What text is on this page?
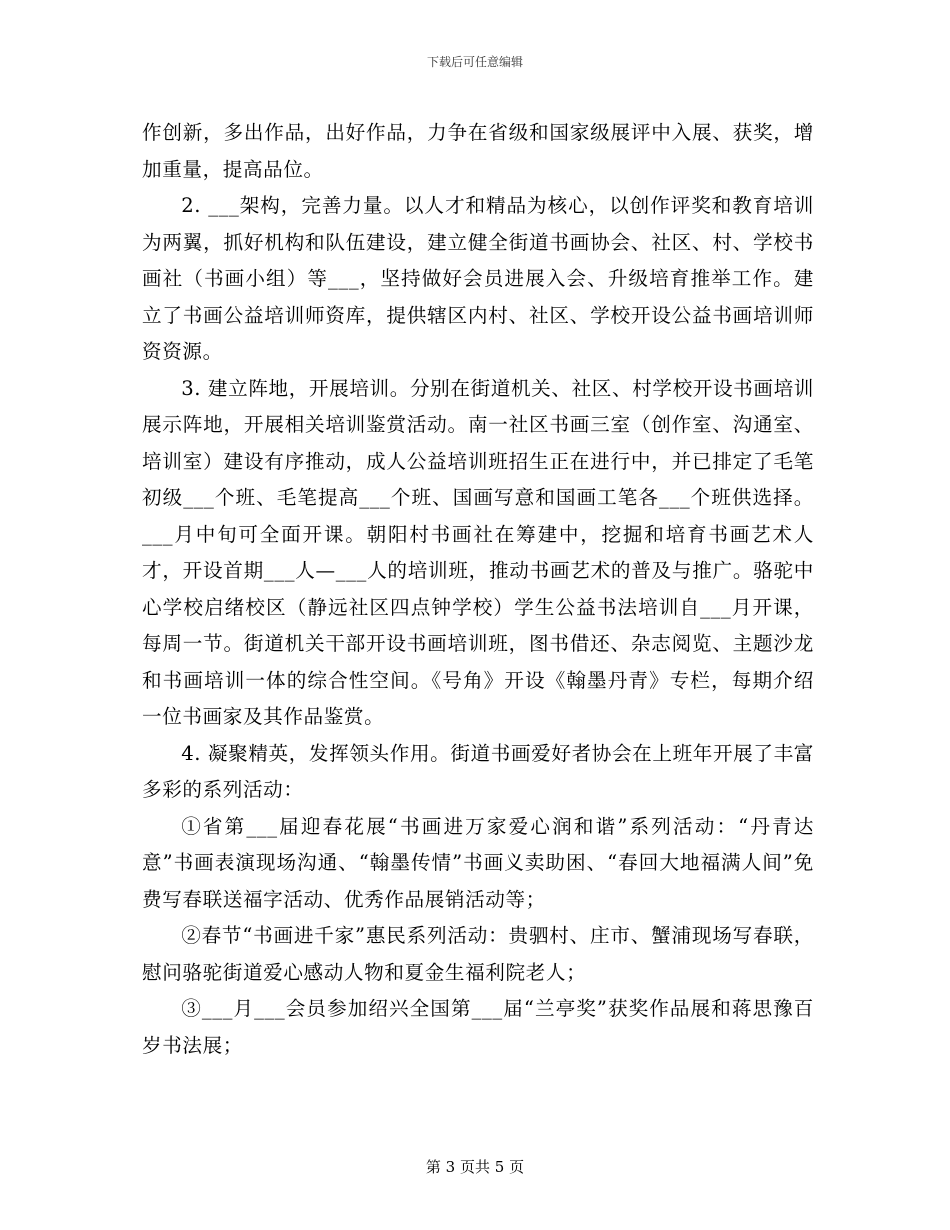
下载后可任意编辑

作创新，多出作品，出好作品，力争在省级和国家级展评中入展、获奖，增加重量，提高品位。

2. ___架构，完善力量。以人才和精品为核心，以创作评奖和教育培训为两翼，抓好机构和队伍建设，建立健全街道书画协会、社区、村、学校书画社（书画小组）等___，坚持做好会员进展入会、升级培育推举工作。建立了书画公益培训师资库，提供辖区内村、社区、学校开设公益书画培训师资资源。

3. 建立阵地，开展培训。分别在街道机关、社区、村学校开设书画培训展示阵地，开展相关培训鉴赏活动。南一社区书画三室（创作室、沟通室、培训室）建设有序推动，成人公益培训班招生正在进行中，并已排定了毛笔初级___个班、毛笔提高___个班、国画写意和国画工笔各___个班供选择。___月中旬可全面开课。朝阳村书画社在筹建中，挖掘和培育书画艺术人才，开设首期___人—___人的培训班，推动书画艺术的普及与推广。骆驼中心学校启绪校区（静远社区四点钟学校）学生公益书法培训自___月开课，每周一节。街道机关干部开设书画培训班，图书借还、杂志阅览、主题沙龙和书画培训一体的综合性空间。《号角》开设《翰墨丹青》专栏，每期介绍一位书画家及其作品鉴赏。

4. 凝聚精英，发挥领头作用。街道书画爱好者协会在上班年开展了丰富多彩的系列活动：

①省第___届迎春花展“书画进万家爱心润和谐”系列活动：“丹青达意”书画表演现场沟通、“翰墨传情”书画义卖助困、“春回大地福满人间”免费写春联送福字活动、优秀作品展销活动等；

②春节“书画进千家”惠民系列活动：贵驷村、庄市、蟹浦现场写春联，慰问骆驼街道爱心感动人物和夏金生福利院老人；

③___月___会员参加绍兴全国第___届“兰亭奖”获奖作品展和蒋思豫百岁书法展；

第 3 页共 5 页
